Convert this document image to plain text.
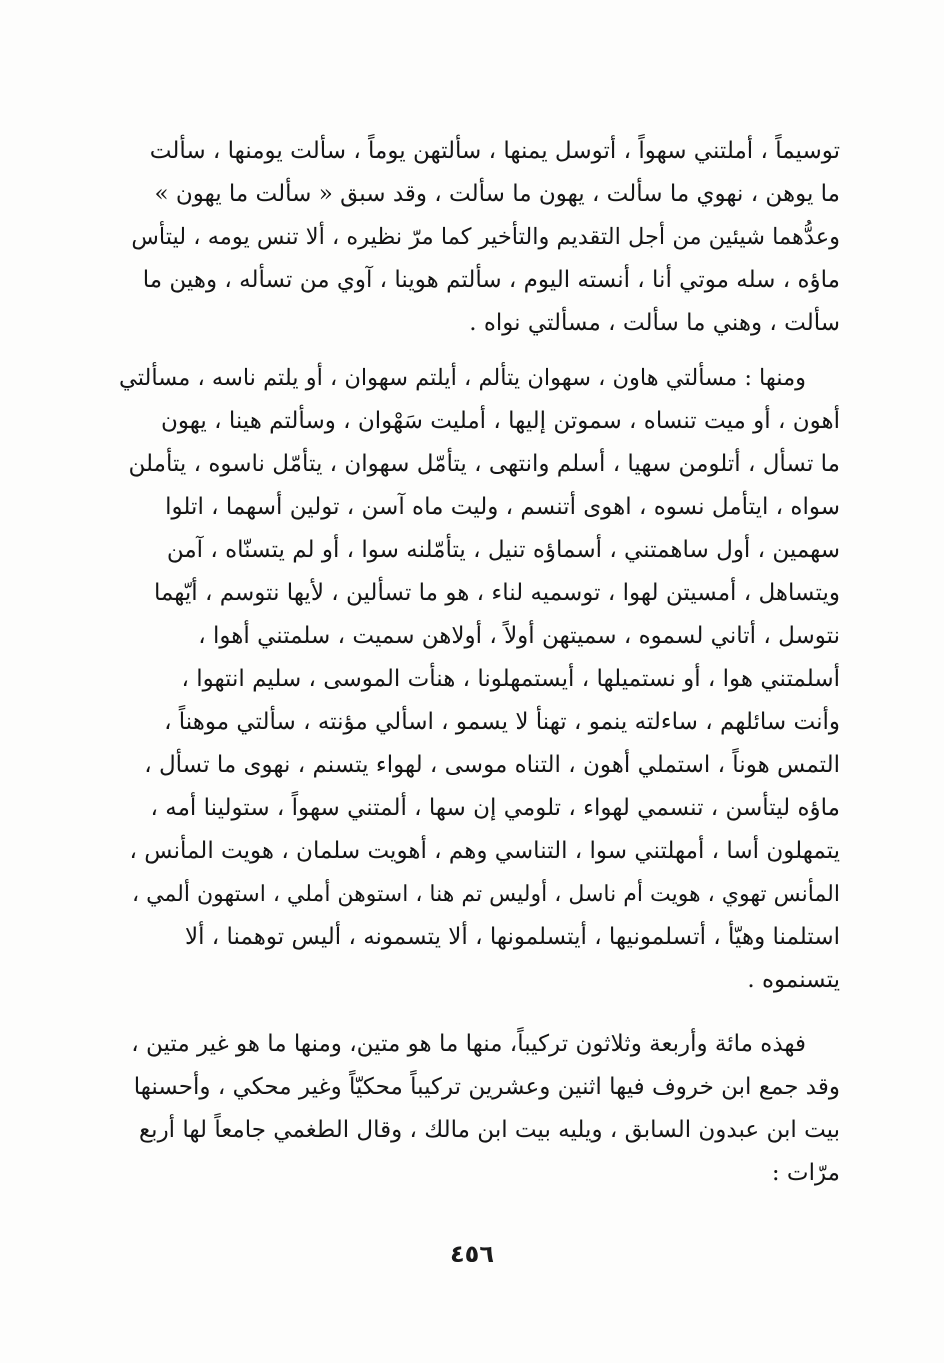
توسيماً ، أملتني سهواً ، أتوسل يمنها ، سألتهن يوماً ، سألت يومنها ، سألت
ما يوهن ، نهوي ما سألت ، يهون ما سألت ، وقد سبق « سألت ما يهون »
وعدُّهما شيئين من أجل التقديم والتأخير كما مرّ نظيره ، ألا تنس يومه ، ليتأس
ماؤه ، سله موتي أنا ، أنسته اليوم ، سألتم هوينا ، آوي من تسأله ، وهين ما
سألت ، وهني ما سألت ، مسألتي نواه .
ومنها : مسألتي هاون ، سهوان يتألم ، أيلتم سهوان ، أو يلتم ناسه ، مسألتي
أهون ، أو ميت تنساه ، سموتن إليها ، أمليت سَهْوان ، وسألتم هينا ، يهون
ما تسأل ، أتلومن سهيا ، أسلم وانتهى ، يتأمّل سهوان ، يتأمّل ناسوه ، يتأملن
سواه ، ايتأمل نسوه ، اهوى أتنسم ، وليت ماه آسن ، تولين أسهما ، اتلوا
سهمين ، أول ساهمتني ، أسماؤه تنيل ، يتأمّلنه سوا ، أو لم يتسنّاه ، آمن
ويتساهل ، أمسيتن لهوا ، توسميه لناء ، هو ما تسألين ، لأيها نتوسم ، أيّهما
نتوسل ، أتاني لسموه ، سميتهن أولاً ، أولاهن سميت ، سلمتني أهوا ،
أسلمتني هوا ، أو نستميلها ، أيستمهلونا ، هنأت الموسى ، سليم انتهوا ،
وأنت سائلهم ، ساءلته ينمو ، تهنأ لا يسمو ، اسألي مؤنته ، سألتي موهناً ،
التمس هوناً ، استملي أهون ، التناه موسى ، لهواء يتسنم ، نهوى ما تسأل ،
ماؤه ليتأسن ، تنسمي لهواء ، تلومي إن سها ، ألمتني سهواً ، ستولينا أمه ،
يتمهلون أسا ، أمهلتني سوا ، التناسي وهم ، أهويت سلمان ، هويت المأنس ،
المأنس تهوي ، هويت أم ناسل ، أوليس تم هنا ، استوهن أملي ، استهون ألمي ،
استلمنا وهيّأ ، أتسلمونيها ، أيتسلمونها ، ألا يتسمونه ، أليس توهمنا ، ألا
يتسنموه .
فهذه مائة وأربعة وثلاثون تركيباً، منها ما هو متين، ومنها ما هو غير متين ،
وقد جمع ابن خروف فيها اثنين وعشرين تركيباً محكيّاً وغير محكي ، وأحسنها
بيت ابن عبدون السابق ، ويليه بيت ابن مالك ، وقال الطغمي جامعاً لها أربع
مرّات :
٤٥٦
